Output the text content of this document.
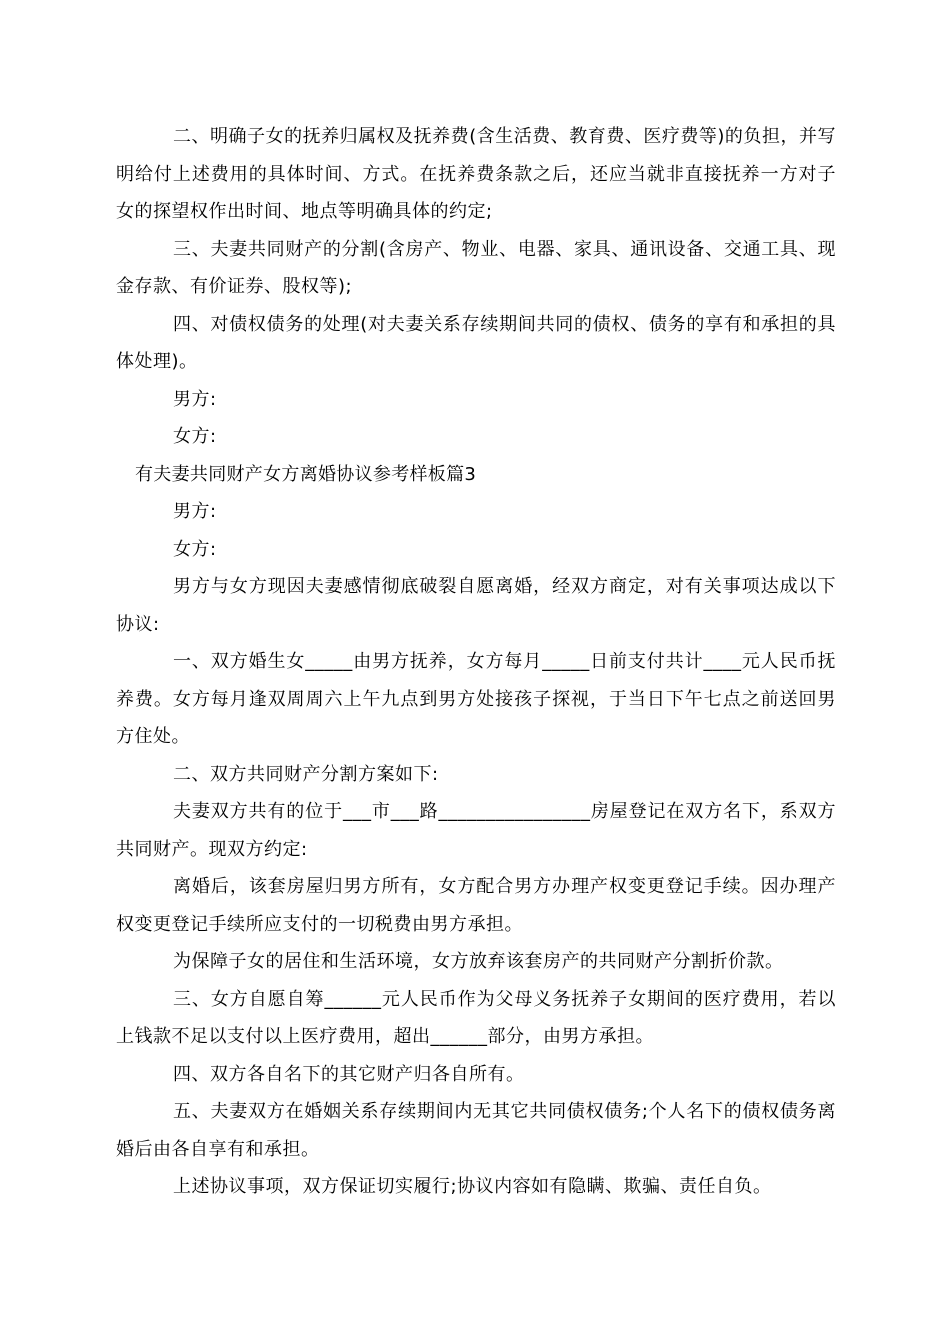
二、明确子女的抚养归属权及抚养费(含生活费、教育费、医疗费等)的负担，并写明给付上述费用的具体时间、方式。在抚养费条款之后，还应当就非直接抚养一方对子女的探望权作出时间、地点等明确具体的约定;

三、夫妻共同财产的分割(含房产、物业、电器、家具、通讯设备、交通工具、现金存款、有价证券、股权等);

四、对债权债务的处理(对夫妻关系存续期间共同的债权、债务的享有和承担的具体处理)。

男方:

女方:

有夫妻共同财产女方离婚协议参考样板篇3

男方:

女方:

男方与女方现因夫妻感情彻底破裂自愿离婚，经双方商定，对有关事项达成以下协议:

一、双方婚生女_____由男方抚养，女方每月_____日前支付共计____元人民币抚养费。女方每月逢双周周六上午九点到男方处接孩子探视，于当日下午七点之前送回男方住处。

二、双方共同财产分割方案如下:

夫妻双方共有的位于___市___路________________房屋登记在双方名下，系双方共同财产。现双方约定:

离婚后，该套房屋归男方所有，女方配合男方办理产权变更登记手续。因办理产权变更登记手续所应支付的一切税费由男方承担。

为保障子女的居住和生活环境，女方放弃该套房产的共同财产分割折价款。

三、女方自愿自筹______元人民币作为父母义务抚养子女期间的医疗费用，若以上钱款不足以支付以上医疗费用，超出______部分，由男方承担。

四、双方各自名下的其它财产归各自所有。

五、夫妻双方在婚姻关系存续期间内无其它共同债权债务;个人名下的债权债务离婚后由各自享有和承担。

上述协议事项，双方保证切实履行;协议内容如有隐瞒、欺骗、责任自负。
